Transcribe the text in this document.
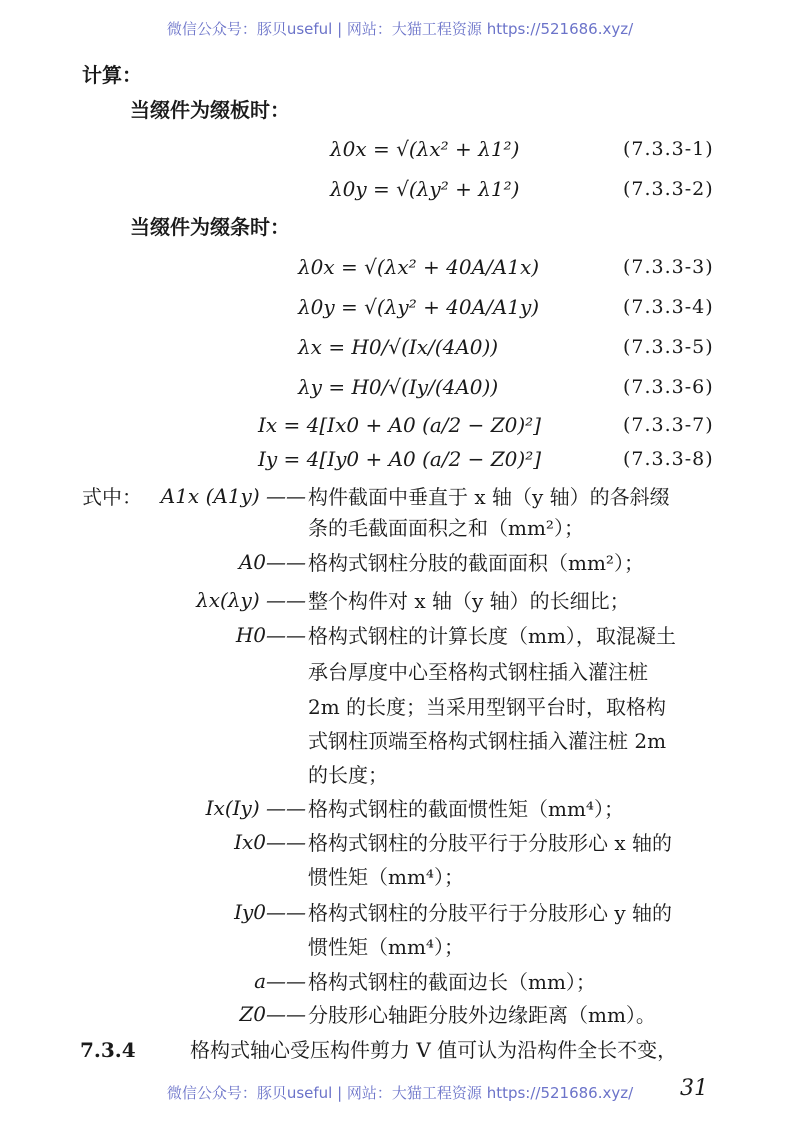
微信公众号：豚贝useful | 网站：大猫工程资源 https://521686.xyz/
计算：
当缀件为缀板时：
λ0x = √(λx² + λ1²)	(7.3.3-1)
λ0y = √(λy² + λ1²)	(7.3.3-2)
当缀件为缀条时：
λ0x = √(λx² + 40A/A1x)	(7.3.3-3)
λ0y = √(λy² + 40A/A1y)	(7.3.3-4)
λx = H0/√(Ix/(4A0))	(7.3.3-5)
λy = H0/√(Iy/(4A0))	(7.3.3-6)
Ix = 4[Ix0 + A0 (a/2 − Z0)²]	(7.3.3-7)
Iy = 4[Iy0 + A0 (a/2 − Z0)²]	(7.3.3-8)
式中： A1x (A1y) —— 构件截面中垂直于 x 轴（y 轴）的各斜缀
条的毛截面面积之和（mm²）；
A0—— 格构式钢柱分肢的截面面积（mm²）；
λx(λy) —— 整个构件对 x 轴（y 轴）的长细比；
H0—— 格构式钢柱的计算长度（mm），取混凝土
承台厚度中心至格构式钢柱插入灌注桩
2m 的长度；当采用型钢平台时，取格构
式钢柱顶端至格构式钢柱插入灌注桩 2m
的长度；
Ix(Iy) —— 格构式钢柱的截面惯性矩（mm⁴）；
Ix0—— 格构式钢柱的分肢平行于分肢形心 x 轴的
惯性矩（mm⁴）；
Iy0—— 格构式钢柱的分肢平行于分肢形心 y 轴的
惯性矩（mm⁴）；
a—— 格构式钢柱的截面边长（mm）；
Z0—— 分肢形心轴距分肢外边缘距离（mm）。
7.3.4	格构式轴心受压构件剪力 V 值可认为沿构件全长不变，
微信公众号：豚贝useful | 网站：大猫工程资源 https://521686.xyz/	31
